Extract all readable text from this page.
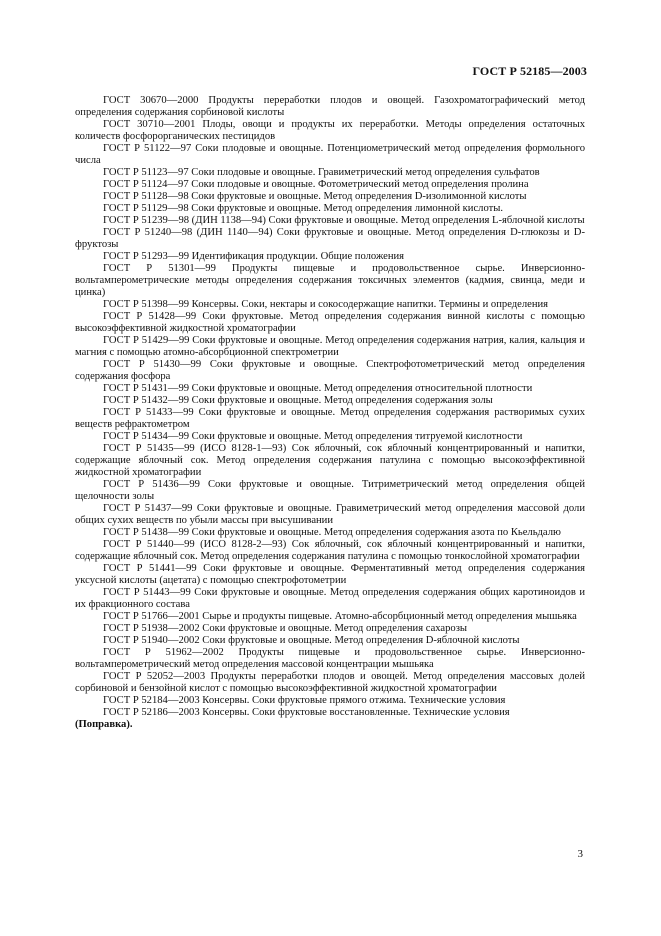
ГОСТ Р 52185—2003

ГОСТ 30670—2000 Продукты переработки плодов и овощей. Газохроматографический метод определения содержания сорбиновой кислоты

ГОСТ 30710—2001 Плоды, овощи и продукты их переработки. Методы определения остаточных количеств фосфорорганических пестицидов

ГОСТ Р 51122—97 Соки плодовые и овощные. Потенциометрический метод определения формольного числа

ГОСТ Р 51123—97 Соки плодовые и овощные. Гравиметрический метод определения сульфатов

ГОСТ Р 51124—97 Соки плодовые и овощные. Фотометрический метод определения пролина

ГОСТ Р 51128—98 Соки фруктовые и овощные. Метод определения D-изолимонной кислоты

ГОСТ Р 51129—98 Соки фруктовые и овощные. Метод определения лимонной кислоты.

ГОСТ Р 51239—98 (ДИН 1138—94) Соки фруктовые и овощные. Метод определения L-яблочной кислоты

ГОСТ Р 51240—98 (ДИН 1140—94) Соки фруктовые и овощные. Метод определения D-глюкозы и D-фруктозы

ГОСТ Р 51293—99 Идентификация продукции. Общие положения

ГОСТ Р 51301—99 Продукты пищевые и продовольственное сырье. Инверсионно-вольтамперометрические методы определения содержания токсичных элементов (кадмия, свинца, меди и цинка)

ГОСТ Р 51398—99 Консервы. Соки, нектары и сокосодержащие напитки. Термины и определения

ГОСТ Р 51428—99 Соки фруктовые. Метод определения содержания винной кислоты с помощью высокоэффективной жидкостной хроматографии

ГОСТ Р 51429—99 Соки фруктовые и овощные. Метод определения содержания натрия, калия, кальция и магния с помощью атомно-абсорбционной спектрометрии

ГОСТ Р 51430—99 Соки фруктовые и овощные. Спектрофотометрический метод определения содержания фосфора

ГОСТ Р 51431—99 Соки фруктовые и овощные. Метод определения относительной плотности

ГОСТ Р 51432—99 Соки фруктовые и овощные. Метод определения содержания золы

ГОСТ Р 51433—99 Соки фруктовые и овощные. Метод определения содержания растворимых сухих веществ рефрактометром

ГОСТ Р 51434—99 Соки фруктовые и овощные. Метод определения титруемой кислотности

ГОСТ Р 51435—99 (ИСО 8128-1—93) Сок яблочный, сок яблочный концентрированный и напитки, содержащие яблочный сок. Метод определения содержания патулина с помощью высокоэффективной жидкостной хроматографии

ГОСТ Р 51436—99 Соки фруктовые и овощные. Титриметрический метод определения общей щелочности золы

ГОСТ Р 51437—99 Соки фруктовые и овощные. Гравиметрический метод определения массовой доли общих сухих веществ по убыли массы при высушивании

ГОСТ Р 51438—99 Соки фруктовые и овощные. Метод определения содержания азота по Кьельдалю

ГОСТ Р 51440—99 (ИСО 8128-2—93) Сок яблочный, сок яблочный концентрированный и напитки, содержащие яблочный сок. Метод определения содержания патулина с помощью тонкослойной хроматографии

ГОСТ Р 51441—99 Соки фруктовые и овощные. Ферментативный метод определения содержания уксусной кислоты (ацетата) с помощью спектрофотометрии

ГОСТ Р 51443—99 Соки фруктовые и овощные. Метод определения содержания общих каротиноидов и их фракционного состава

ГОСТ Р 51766—2001 Сырье и продукты пищевые. Атомно-абсорбционный метод определения мышьяка

ГОСТ Р 51938—2002 Соки фруктовые и овощные. Метод определения сахарозы

ГОСТ Р 51940—2002 Соки фруктовые и овощные. Метод определения D-яблочной кислоты

ГОСТ Р 51962—2002 Продукты пищевые и продовольственное сырье. Инверсионно-вольтамперометрический метод определения массовой концентрации мышьяка

ГОСТ Р 52052—2003 Продукты переработки плодов и овощей. Метод определения массовых долей сорбиновой и бензойной кислот с помощью высокоэффективной жидкостной хроматографии

ГОСТ Р 52184—2003 Консервы. Соки фруктовые прямого отжима. Технические условия

ГОСТ Р 52186—2003 Консервы. Соки фруктовые восстановленные. Технические условия

(Поправка).

3
